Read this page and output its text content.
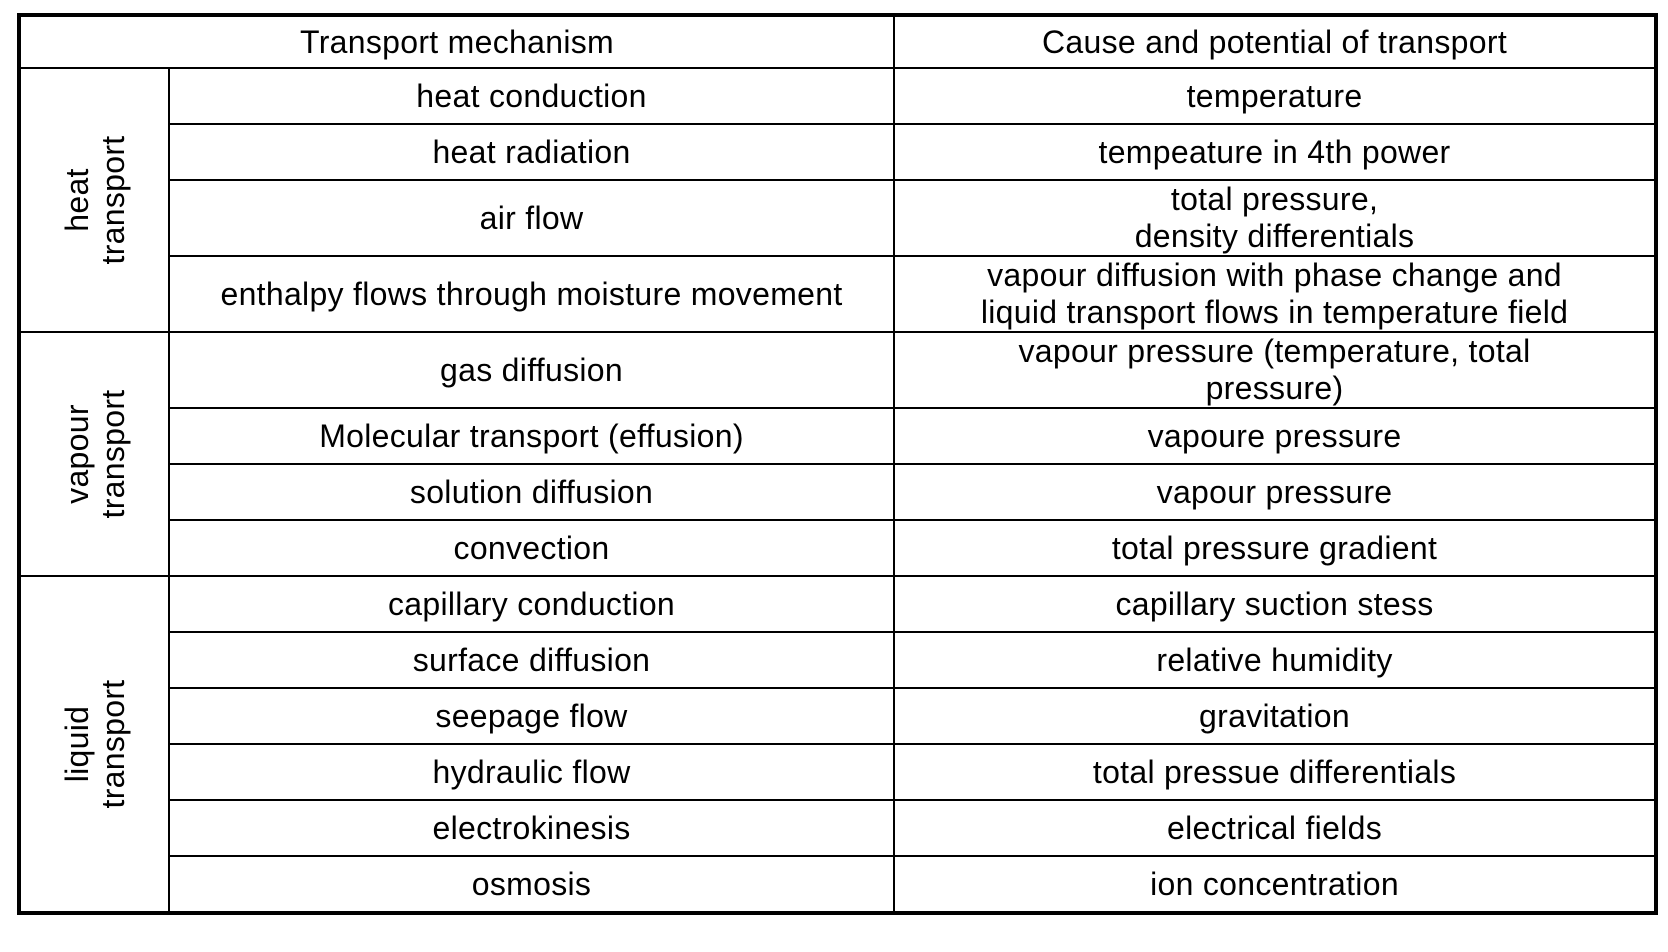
Transport mechanism		Cause and potential of transport

heat transport	heat conduction	temperature
	heat radiation	tempeature in 4th power
	air flow	total pressure,
density differentials
	enthalpy flows through moisture movement	vapour diffusion with phase change and
liquid transport flows in temperature field

vapour
transport	gas diffusion	vapour pressure (temperature, total
pressure)
	Molecular transport (effusion)	vapoure pressure
	solution diffusion	vapour pressure
	convection	total pressure gradient

liquid transport	capillary conduction	capillary suction stess
	surface diffusion	relative humidity
	seepage flow	gravitation
	hydraulic flow	total pressue differentials
	electrokinesis	electrical fields
	osmosis	ion concentration
